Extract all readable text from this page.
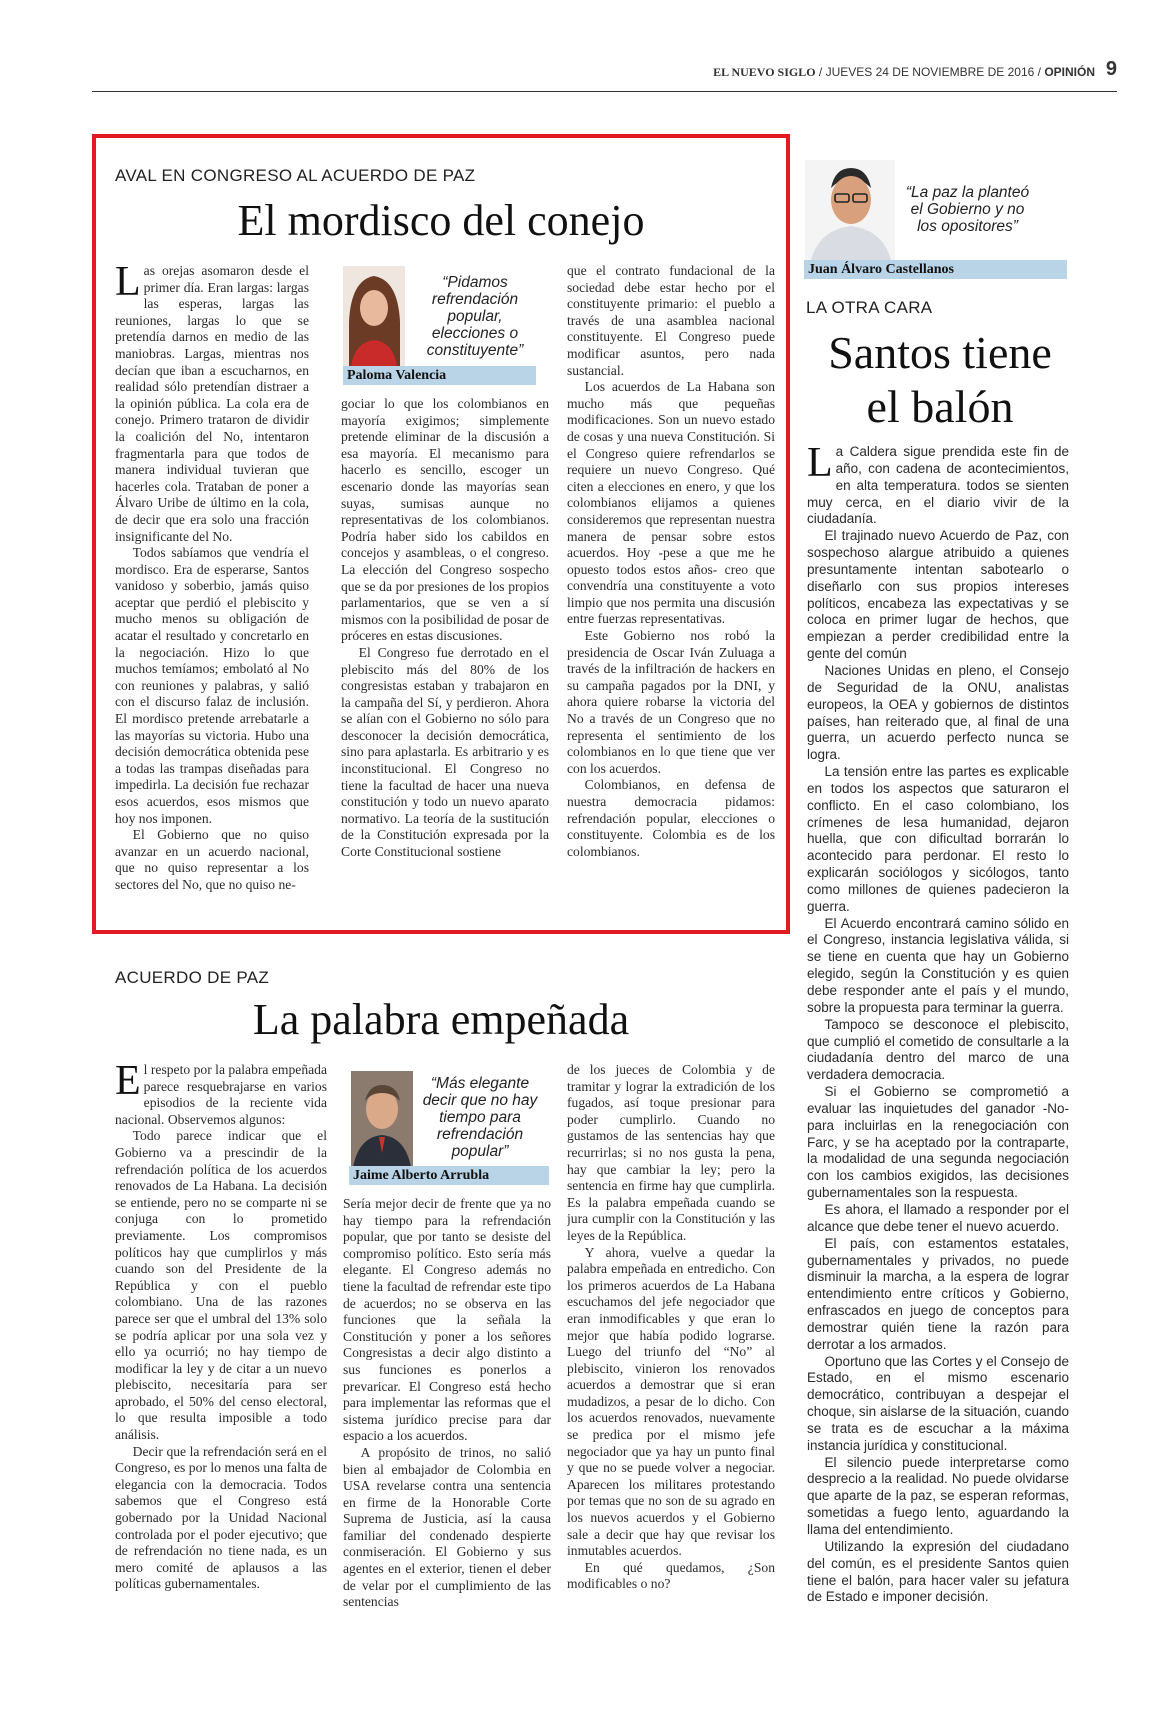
EL NUEVO SIGLO / JUEVES 24 DE NOVIEMBRE DE 2016 / OPINIÓN 9
AVAL EN CONGRESO AL ACUERDO DE PAZ
El mordisco del conejo

Las orejas asomaron desde el primer día. Eran largas: largas las esperas, largas las reuniones, largas lo que se pretendía darnos en medio de las maniobras. Largas, mientras nos decían que iban a escucharnos, en realidad sólo pretendían distraer a la opinión pública. La cola era de conejo. Primero trataron de dividir la coalición del No, intentaron fragmentarla para que todos de manera individual tuvieran que hacerles cola. Trataban de poner a Álvaro Uribe de último en la cola, de decir que era solo una fracción insignificante del No.

Todos sabíamos que vendría el mordisco. Era de esperarse, Santos vanidoso y soberbio, jamás quiso aceptar que perdió el plebiscito y mucho menos su obligación de acatar el resultado y concretarlo en la negociación. Hizo lo que muchos temíamos; embolató al No con reuniones y palabras, y salió con el discurso falaz de inclusión. El mordisco pretende arrebatarle a las mayorías su victoria. Hubo una decisión democrática obtenida pese a todas las trampas diseñadas para impedirla. La decisión fue rechazar esos acuerdos, esos mismos que hoy nos imponen.

El Gobierno que no quiso avanzar en un acuerdo nacional, que no quiso representar a los sectores del No, que no quiso ne-

“Pidamos refrendación popular, elecciones o constituyente”
Paloma Valencia

gociar lo que los colombianos en mayoría exigimos; simplemente pretende eliminar de la discusión a esa mayoría. El mecanismo para hacerlo es sencillo, escoger un escenario donde las mayorías sean suyas, sumisas aunque no representativas de los colombianos. Podría haber sido los cabildos en concejos y asambleas, o el congreso. La elección del Congreso sospecho que se da por presiones de los propios parlamentarios, que se ven a sí mismos con la posibilidad de posar de próceres en estas discusiones.

El Congreso fue derrotado en el plebiscito más del 80% de los congresistas estaban y trabajaron en la campaña del Sí, y perdieron. Ahora se alían con el Gobierno no sólo para desconocer la decisión democrática, sino para aplastarla. Es arbitrario y es inconstitucional. El Congreso no tiene la facultad de hacer una nueva constitución y todo un nuevo aparato normativo. La teoría de la sustitución de la Constitución expresada por la Corte Constitucional sostiene

que el contrato fundacional de la sociedad debe estar hecho por el constituyente primario: el pueblo a través de una asamblea nacional constituyente. El Congreso puede modificar asuntos, pero nada sustancial.

Los acuerdos de La Habana son mucho más que pequeñas modificaciones. Son un nuevo estado de cosas y una nueva Constitución. Si el Congreso quiere refrendarlos se requiere un nuevo Congreso. Qué citen a elecciones en enero, y que los colombianos elijamos a quienes consideremos que representan nuestra manera de pensar sobre estos acuerdos. Hoy -pese a que me he opuesto todos estos años- creo que convendría una constituyente a voto limpio que nos permita una discusión entre fuerzas representativas.

Este Gobierno nos robó la presidencia de Oscar Iván Zuluaga a través de la infiltración de hackers en su campaña pagados por la DNI, y ahora quiere robarse la victoria del No a través de un Congreso que no representa el sentimiento de los colombianos en lo que tiene que ver con los acuerdos.

Colombianos, en defensa de nuestra democracia pidamos: refrendación popular, elecciones o constituyente. Colombia es de los colombianos.

ACUERDO DE PAZ
La palabra empeñada

El respeto por la palabra empeñada parece resquebrajarse en varios episodios de la reciente vida nacional. Observemos algunos:

Todo parece indicar que el Gobierno va a prescindir de la refrendación política de los acuerdos renovados de La Habana. La decisión se entiende, pero no se comparte ni se conjuga con lo prometido previamente. Los compromisos políticos hay que cumplirlos y más cuando son del Presidente de la República y con el pueblo colombiano. Una de las razones parece ser que el umbral del 13% solo se podría aplicar por una sola vez y ello ya ocurrió; no hay tiempo de modificar la ley y de citar a un nuevo plebiscito, necesitaría para ser aprobado, el 50% del censo electoral, lo que resulta imposible a todo análisis.

Decir que la refrendación será en el Congreso, es por lo menos una falta de elegancia con la democracia. Todos sabemos que el Congreso está gobernado por la Unidad Nacional controlada por el poder ejecutivo; que de refrendación no tiene nada, es un mero comité de aplausos a las políticas gubernamentales.

“Más elegante decir que no hay tiempo para refrendación popular”
Jaime Alberto Arrubla

Sería mejor decir de frente que ya no hay tiempo para la refrendación popular, que por tanto se desiste del compromiso político. Esto sería más elegante. El Congreso además no tiene la facultad de refrendar este tipo de acuerdos; no se observa en las funciones que la señala la Constitución y poner a los señores Congresistas a decir algo distinto a sus funciones es ponerlos a prevaricar. El Congreso está hecho para implementar las reformas que el sistema jurídico precise para dar espacio a los acuerdos.

A propósito de trinos, no salió bien al embajador de Colombia en USA revelarse contra una sentencia en firme de la Honorable Corte Suprema de Justicia, así la causa familiar del condenado despierte conmiseración. El Gobierno y sus agentes en el exterior, tienen el deber de velar por el cumplimiento de las sentencias

de los jueces de Colombia y de tramitar y lograr la extradición de los fugados, así toque presionar para poder cumplirlo. Cuando no gustamos de las sentencias hay que recurrirlas; si no nos gusta la pena, hay que cambiar la ley; pero la sentencia en firme hay que cumplirla. Es la palabra empeñada cuando se jura cumplir con la Constitución y las leyes de la República.

Y ahora, vuelve a quedar la palabra empeñada en entredicho. Con los primeros acuerdos de La Habana escuchamos del jefe negociador que eran inmodificables y que eran lo mejor que había podido lograrse. Luego del triunfo del “No” al plebiscito, vinieron los renovados acuerdos a demostrar que si eran mudadizos, a pesar de lo dicho. Con los acuerdos renovados, nuevamente se predica por el mismo jefe negociador que ya hay un punto final y que no se puede volver a negociar. Aparecen los militares protestando por temas que no son de su agrado en los nuevos acuerdos y el Gobierno sale a decir que hay que revisar los inmutables acuerdos.

En qué quedamos, ¿Son modificables o no?

“La paz la planteó el Gobierno y no los opositores”
Juan Álvaro Castellanos
LA OTRA CARA
Santos tiene
el balón

La Caldera sigue prendida este fin de año, con cadena de acontecimientos, en alta temperatura. todos se sienten muy cerca, en el diario vivir de la ciudadanía.

El trajinado nuevo Acuerdo de Paz, con sospechoso alargue atribuido a quienes presuntamente intentan sabotearlo o diseñarlo con sus propios intereses políticos, encabeza las expectativas y se coloca en primer lugar de hechos, que empiezan a perder credibilidad entre la gente del común

Naciones Unidas en pleno, el Consejo de Seguridad de la ONU, analistas europeos, la OEA y gobiernos de distintos países, han reiterado que, al final de una guerra, un acuerdo perfecto nunca se logra.

La tensión entre las partes es explicable en todos los aspectos que saturaron el conflicto. En el caso colombiano, los crímenes de lesa humanidad, dejaron huella, que con dificultad borrarán lo acontecido para perdonar. El resto lo explicarán sociólogos y sicólogos, tanto como millones de quienes padecieron la guerra.

El Acuerdo encontrará camino sólido en el Congreso, instancia legislativa válida, si se tiene en cuenta que hay un Gobierno elegido, según la Constitución y es quien debe responder ante el país y el mundo, sobre la propuesta para terminar la guerra.

Tampoco se desconoce el plebiscito, que cumplió el cometido de consultarle a la ciudadanía dentro del marco de una verdadera democracia.

Si el Gobierno se comprometió a evaluar las inquietudes del ganador -No- para incluirlas en la renegociación con Farc, y se ha aceptado por la contraparte, la modalidad de una segunda negociación con los cambios exigidos, las decisiones gubernamentales son la respuesta.

Es ahora, el llamado a responder por el alcance que debe tener el nuevo acuerdo.

El país, con estamentos estatales, gubernamentales y privados, no puede disminuir la marcha, a la espera de lograr entendimiento entre críticos y Gobierno, enfrascados en juego de conceptos para demostrar quién tiene la razón para derrotar a los armados.

Oportuno que las Cortes y el Consejo de Estado, en el mismo escenario democrático, contribuyan a despejar el choque, sin aislarse de la situación, cuando se trata es de escuchar a la máxima instancia jurídica y constitucional.

El silencio puede interpretarse como desprecio a la realidad. No puede olvidarse que aparte de la paz, se esperan reformas, sometidas a fuego lento, aguardando la llama del entendimiento.

Utilizando la expresión del ciudadano del común, es el presidente Santos quien tiene el balón, para hacer valer su jefatura de Estado e imponer decisión.
